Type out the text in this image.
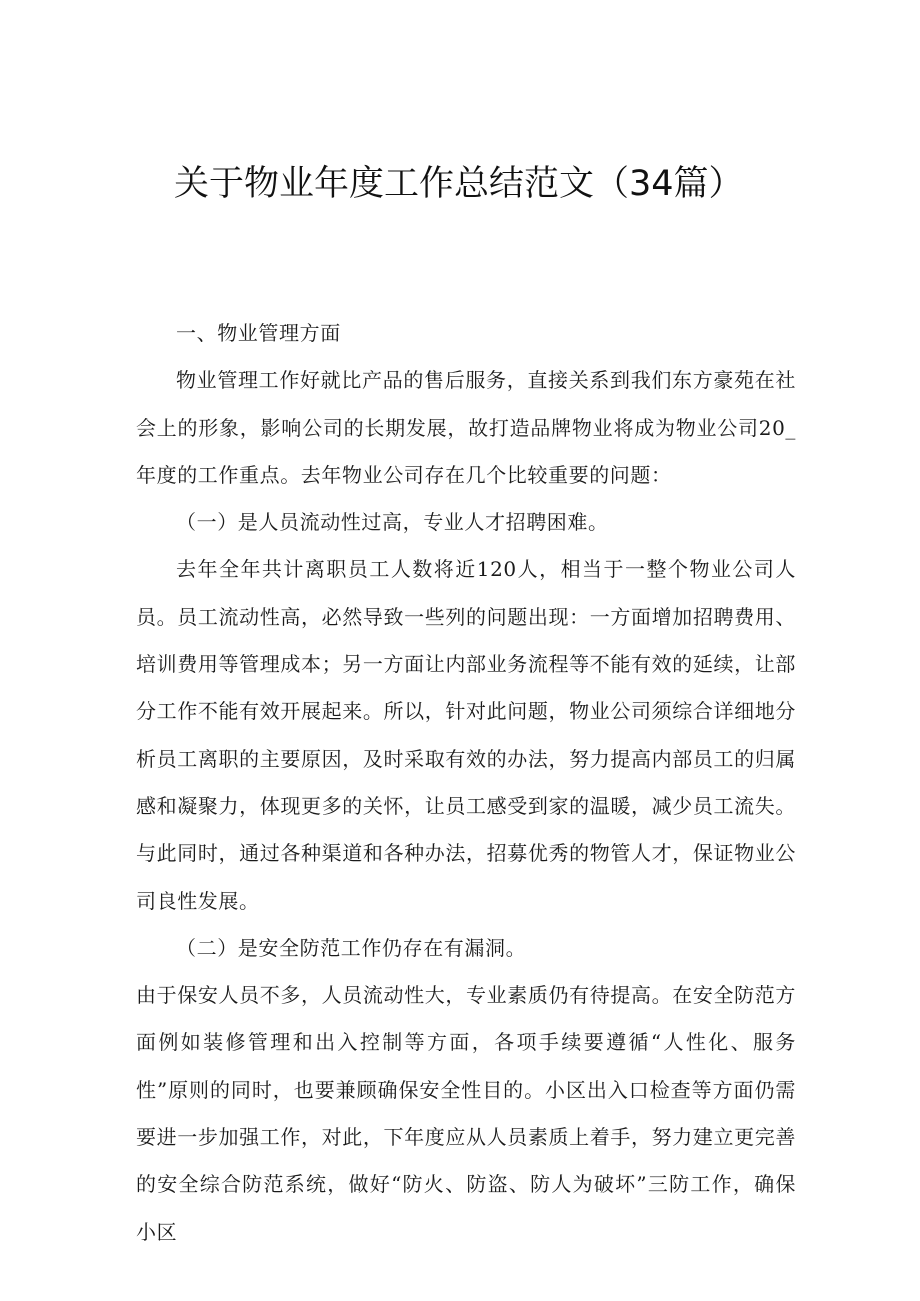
关于物业年度工作总结范文（34篇）

一、物业管理方面

物业管理工作好就比产品的售后服务，直接关系到我们东方豪苑在社会上的形象，影响公司的长期发展，故打造品牌物业将成为物业公司20_年度的工作重点。去年物业公司存在几个比较重要的问题：

（一）是人员流动性过高，专业人才招聘困难。

去年全年共计离职员工人数将近120人，相当于一整个物业公司人员。员工流动性高，必然导致一些列的问题出现：一方面增加招聘费用、培训费用等管理成本；另一方面让内部业务流程等不能有效的延续，让部分工作不能有效开展起来。所以，针对此问题，物业公司须综合详细地分析员工离职的主要原因，及时采取有效的办法，努力提高内部员工的归属感和凝聚力，体现更多的关怀，让员工感受到家的温暖，减少员工流失。与此同时，通过各种渠道和各种办法，招募优秀的物管人才，保证物业公司良性发展。

（二）是安全防范工作仍存在有漏洞。

由于保安人员不多，人员流动性大，专业素质仍有待提高。在安全防范方面例如装修管理和出入控制等方面，各项手续要遵循“人性化、服务性”原则的同时，也要兼顾确保安全性目的。小区出入口检查等方面仍需要进一步加强工作，对此，下年度应从人员素质上着手，努力建立更完善的安全综合防范系统，做好“防火、防盗、防人为破坏”三防工作，确保小区
